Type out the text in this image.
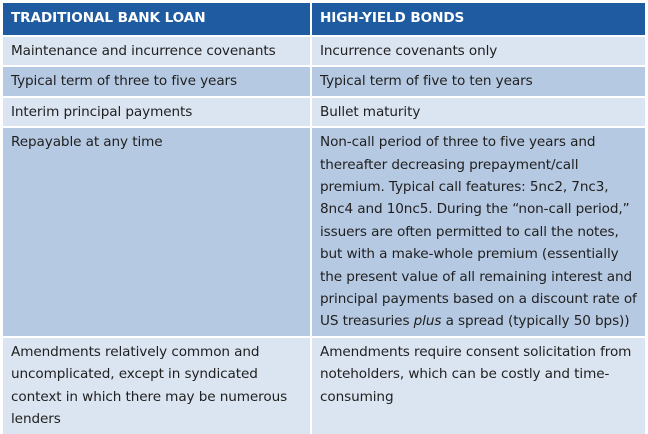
TRADITIONAL BANK LOAN	HIGH-YIELD BONDS
Maintenance and incurrence covenants	Incurrence covenants only
Typical term of three to five years	Typical term of five to ten years
Interim principal payments	Bullet maturity
Repayable at any time	Non-call period of three to five years and thereafter decreasing prepayment/call premium. Typical call features: 5nc2, 7nc3, 8nc4 and 10nc5. During the “non-call period,” issuers are often permitted to call the notes, but with a make-whole premium (essentially the present value of all remaining interest and principal payments based on a discount rate of US treasuries plus a spread (typically 50 bps))
Amendments relatively common and uncomplicated, except in syndicated context in which there may be numerous lenders	Amendments require consent solicitation from noteholders, which can be costly and time-consuming
